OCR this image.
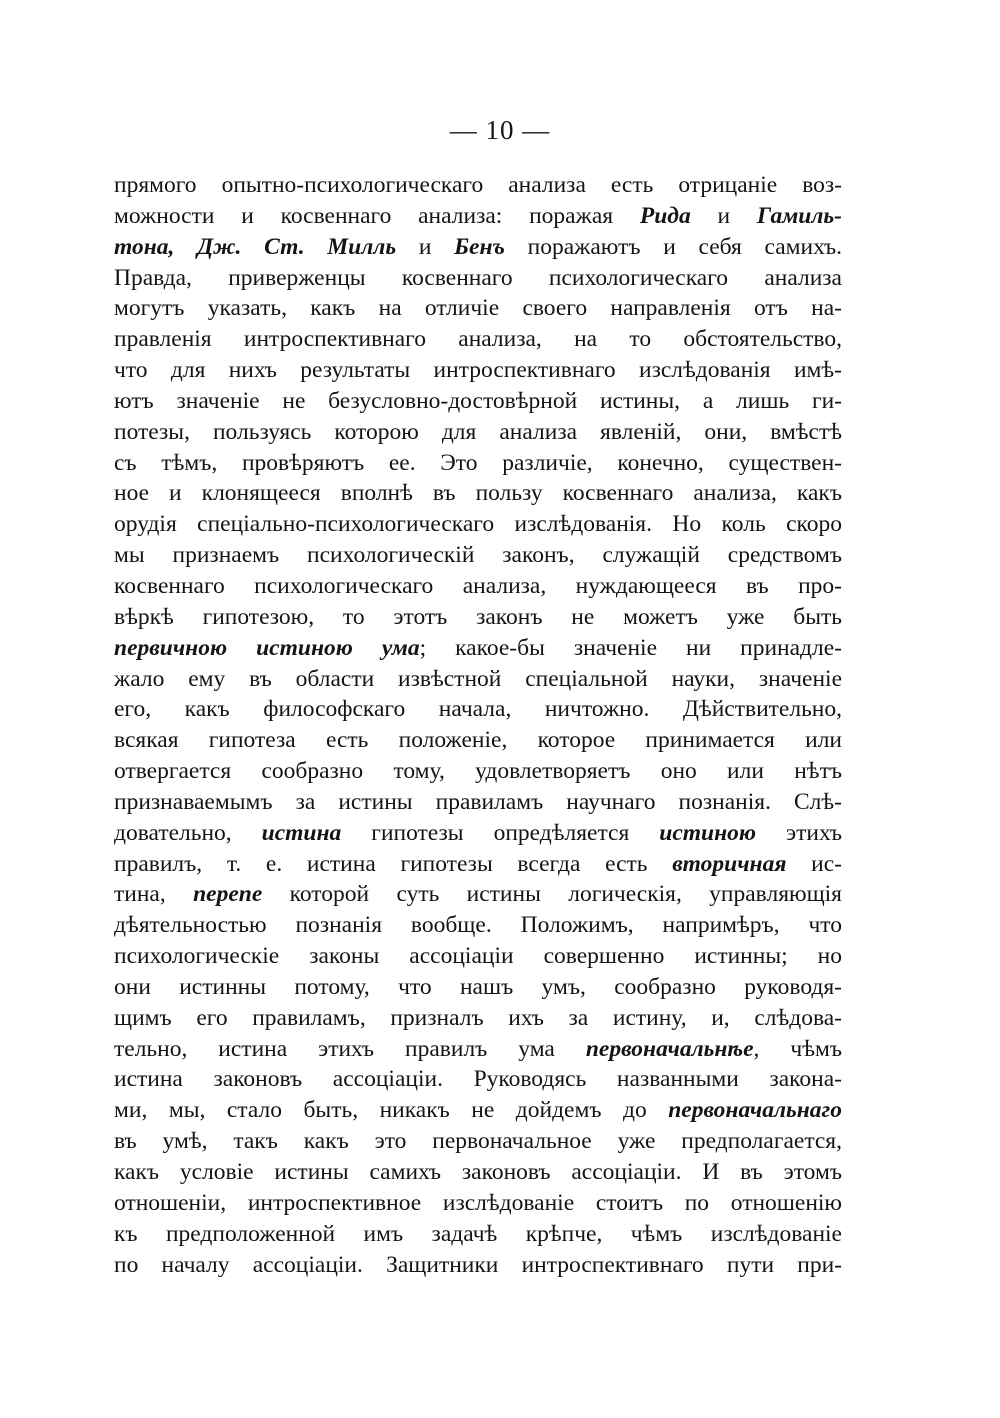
— 10 —
прямого опытно-психологическаго анализа есть отрицаніе воз-
можности и косвеннаго анализа: поражая Рида и Гамиль-
тона, Дж. Ст. Милль и Бенъ поражаютъ и себя самихъ.
Правда, приверженцы косвеннаго психологическаго анализа
могутъ указать, какъ на отличіе своего направленія отъ на-
правленія интроспективнаго анализа, на то обстоятельство,
что для нихъ результаты интроспективнаго изслѣдованія имѣ-
ютъ значеніе не безусловно-достовѣрной истины, а лишь ги-
потезы, пользуясь которою для анализа явленій, они, вмѣстѣ
съ тѣмъ, провѣряютъ ее. Это различіе, конечно, существен-
ное и клонящееся вполнѣ въ пользу косвеннаго анализа, какъ
орудія спеціально-психологическаго изслѣдованія. Но коль скоро
мы признаемъ психологическій законъ, служащій средствомъ
косвеннаго психологическаго анализа, нуждающееся въ про-
вѣркѣ гипотезою, то этотъ законъ не можетъ уже быть
первичною истиною ума; какое-бы значеніе ни принадле-
жало ему въ области извѣстной спеціальной науки, значеніе
его, какъ философскаго начала, ничтожно. Дѣйствительно,
всякая гипотеза есть положеніе, которое принимается или
отвергается сообразно тому, удовлетворяетъ оно или нѣтъ
признаваемымъ за истины правиламъ научнаго познанія. Слѣ-
довательно, истина гипотезы опредѣляется истиною этихъ
правилъ, т. е. истина гипотезы всегда есть вторичная ис-
тина, перепе которой суть истины логическія, управляющія
дѣятельностью познанія вообще. Положимъ, напримѣръ, что
психологическіе законы ассоціаціи совершенно истинны; но
они истинны потому, что нашъ умъ, сообразно руководя-
щимъ его правиламъ, призналъ ихъ за истину, и, слѣдова-
тельно, истина этихъ правилъ ума первоначальнѣе, чѣмъ
истина законовъ ассоціаціи. Руководясь названными закона-
ми, мы, стало быть, никакъ не дойдемъ до первоначальнаго
въ умѣ, такъ какъ это первоначальное уже предполагается,
какъ условіе истины самихъ законовъ ассоціаціи. И въ этомъ
отношеніи, интроспективное изслѣдованіе стоитъ по отношенію
къ предположенной имъ задачѣ крѣпче, чѣмъ изслѣдованіе
по началу ассоціаціи. Защитники интроспективнаго пути при-
